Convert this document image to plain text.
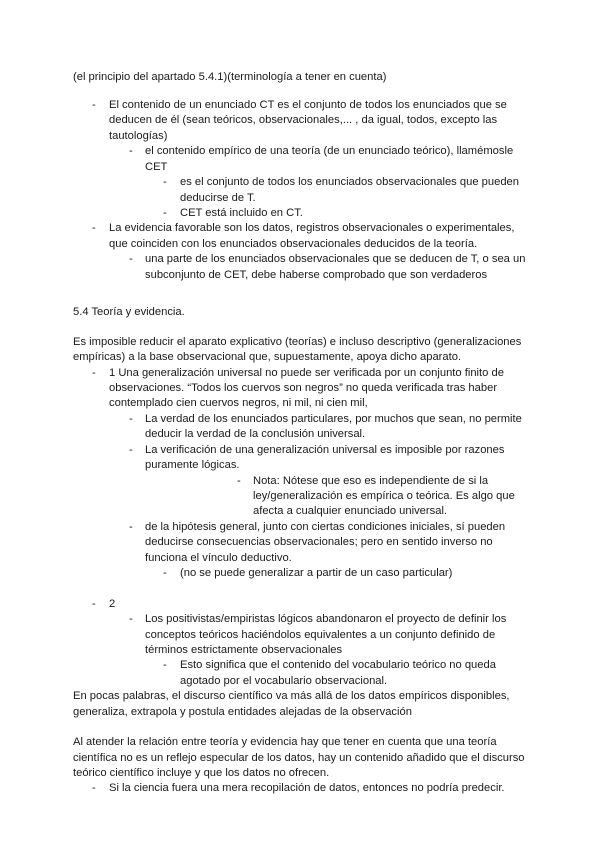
(el principio del apartado 5.4.1)(terminología a tener en cuenta)
-	El contenido de un enunciado CT es el conjunto de todos los enunciados que se
deducen de él (sean teóricos, observacionales,... , da igual, todos, excepto las
tautologías)
-	el contenido empírico de una teoría (de un enunciado teórico), llamémosle
CET
-	es el conjunto de todos los enunciados observacionales que pueden
deducirse de T.
-	CET está incluido en CT.
-	La evidencia favorable son los datos, registros observacionales o experimentales,
que coinciden con los enunciados observacionales deducidos de la teoría.
-	una parte de los enunciados observacionales que se deducen de T, o sea un
subconjunto de CET, debe haberse comprobado que son verdaderos
5.4 Teoría y evidencia.
Es imposible reducir el aparato explicativo (teorías) e incluso descriptivo (generalizaciones
empíricas) a la base observacional que, supuestamente, apoya dicho aparato.
-	1 Una generalización universal no puede ser verificada por un conjunto finito de
observaciones. “Todos los cuervos son negros” no queda verificada tras haber
contemplado cien cuervos negros, ni mil, ni cien mil,
-	La verdad de los enunciados particulares, por muchos que sean, no permite
deducir la verdad de la conclusión universal.
-	La verificación de una generalización universal es imposible por razones
puramente lógicas.
-	Nota: Nótese que eso es independiente de si la
ley/generalización es empírica o teórica. Es algo que
afecta a cualquier enunciado universal.
-	de la hipótesis general, junto con ciertas condiciones iniciales, sí pueden
deducirse consecuencias observacionales; pero en sentido inverso no
funciona el vínculo deductivo.
-	(no se puede generalizar a partir de un caso particular)
-	2
-	Los positivistas/empiristas lógicos abandonaron el proyecto de definir los
conceptos teóricos haciéndolos equivalentes a un conjunto definido de
términos estrictamente observacionales
-	Esto significa que el contenido del vocabulario teórico no queda
agotado por el vocabulario observacional.
En pocas palabras, el discurso científico va más allá de los datos empíricos disponibles,
generaliza, extrapola y postula entidades alejadas de la observación
Al atender la relación entre teoría y evidencia hay que tener en cuenta que una teoría
científica no es un reflejo especular de los datos, hay un contenido añadido que el discurso
teórico científico incluye y que los datos no ofrecen.
-	Si la ciencia fuera una mera recopilación de datos, entonces no podría predecir.
